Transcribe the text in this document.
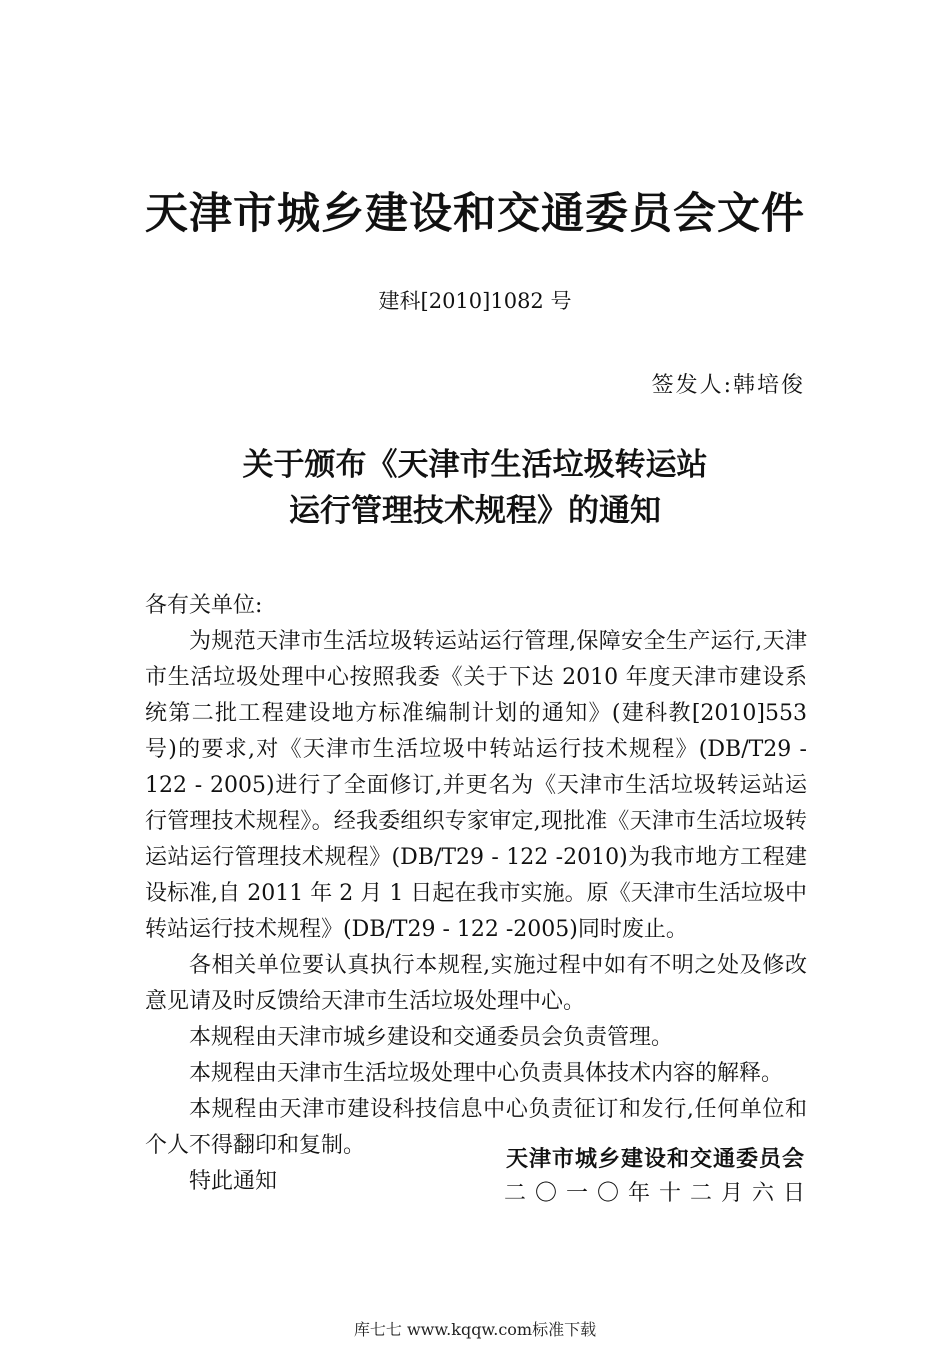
天津市城乡建设和交通委员会文件
建科[2010]1082 号
签发人:韩培俊
关于颁布《天津市生活垃圾转运站
运行管理技术规程》的通知

各有关单位:

为规范天津市生活垃圾转运站运行管理,保障安全生产运行,天津市生活垃圾处理中心按照我委《关于下达 2010 年度天津市建设系统第二批工程建设地方标准编制计划的通知》(建科教[2010]553 号)的要求,对《天津市生活垃圾中转站运行技术规程》(DB/T29 - 122 - 2005)进行了全面修订,并更名为《天津市生活垃圾转运站运行管理技术规程》。经我委组织专家审定,现批准《天津市生活垃圾转运站运行管理技术规程》(DB/T29 - 122 -2010)为我市地方工程建设标准,自 2011 年 2 月 1 日起在我市实施。原《天津市生活垃圾中转站运行技术规程》(DB/T29 - 122 -2005)同时废止。

各相关单位要认真执行本规程,实施过程中如有不明之处及修改意见请及时反馈给天津市生活垃圾处理中心。

本规程由天津市城乡建设和交通委员会负责管理。

本规程由天津市生活垃圾处理中心负责具体技术内容的解释。

本规程由天津市建设科技信息中心负责征订和发行,任何单位和个人不得翻印和复制。

特此通知

天津市城乡建设和交通委员会
二〇一〇年十二月六日
库七七 www.kqqw.com标准下载
